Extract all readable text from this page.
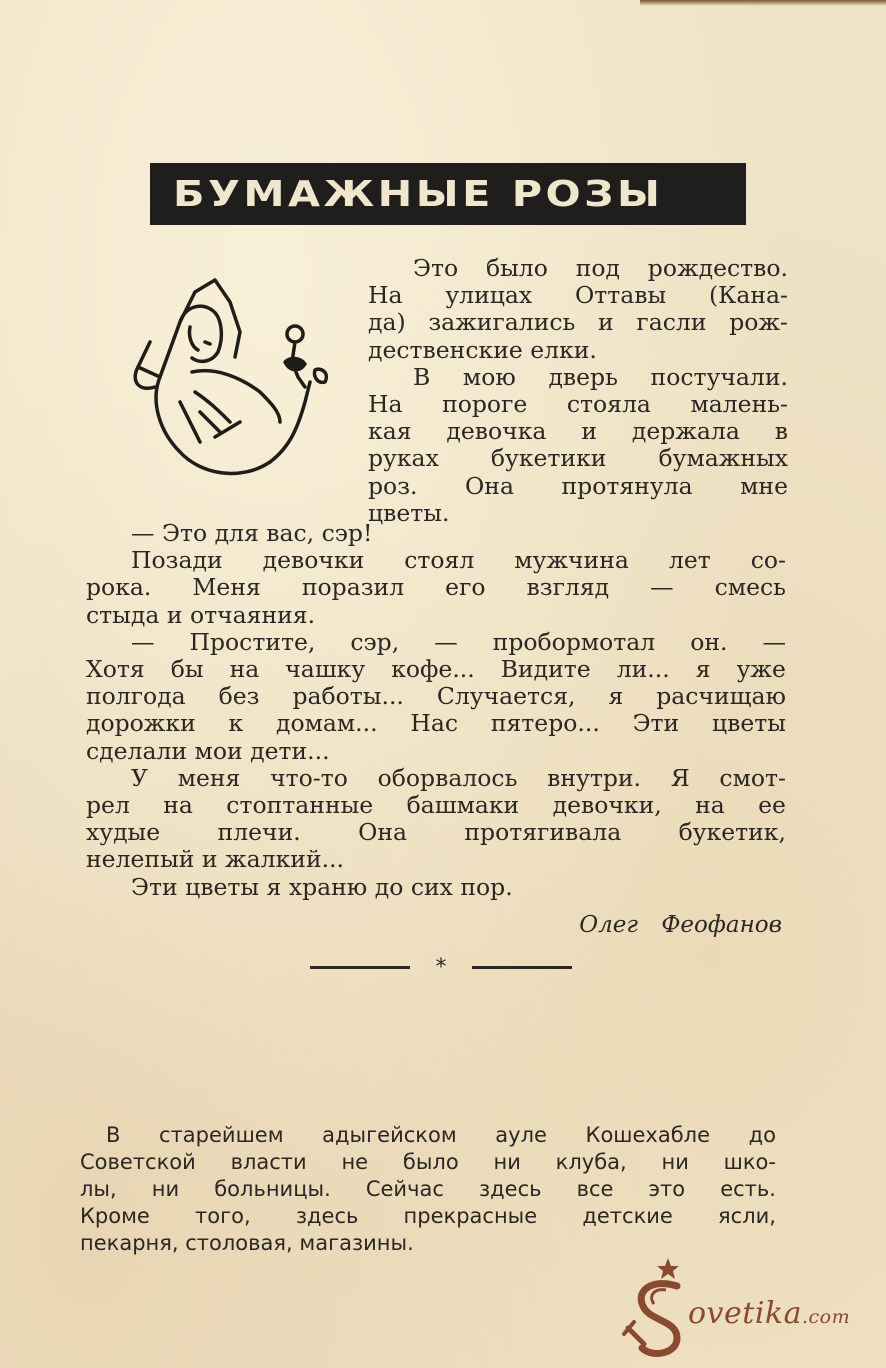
БУМАЖНЫЕ РОЗЫ
Это было под рождество.
На улицах Оттавы (Кана-
да) зажигались и гасли рож-
дественские елки.
В мою дверь постучали.
На пороге стояла малень-
кая девочка и держала в
руках букетики бумажных
роз. Она протянула мне
цветы.
— Это для вас, сэр!
Позади девочки стоял мужчина лет со-
рока. Меня поразил его взгляд — смесь
стыда и отчаяния.
— Простите, сэр, — пробормотал он. —
Хотя бы на чашку кофе... Видите ли... я уже
полгода без работы... Случается, я расчищаю
дорожки к домам... Нас пятеро... Эти цветы
сделали мои дети...
У меня что-то оборвалось внутри. Я смот-
рел на стоптанные башмаки девочки, на ее
худые плечи. Она протягивала букетик,
нелепый и жалкий...
Эти цветы я храню до сих пор.
Олег Феофанов
*
В старейшем адыгейском ауле Кошехабле до
Советской власти не было ни клуба, ни шко-
лы, ни больницы. Сейчас здесь все это есть.
Кроме того, здесь прекрасные детские ясли,
пекарня, столовая, магазины.
ovetika.com
